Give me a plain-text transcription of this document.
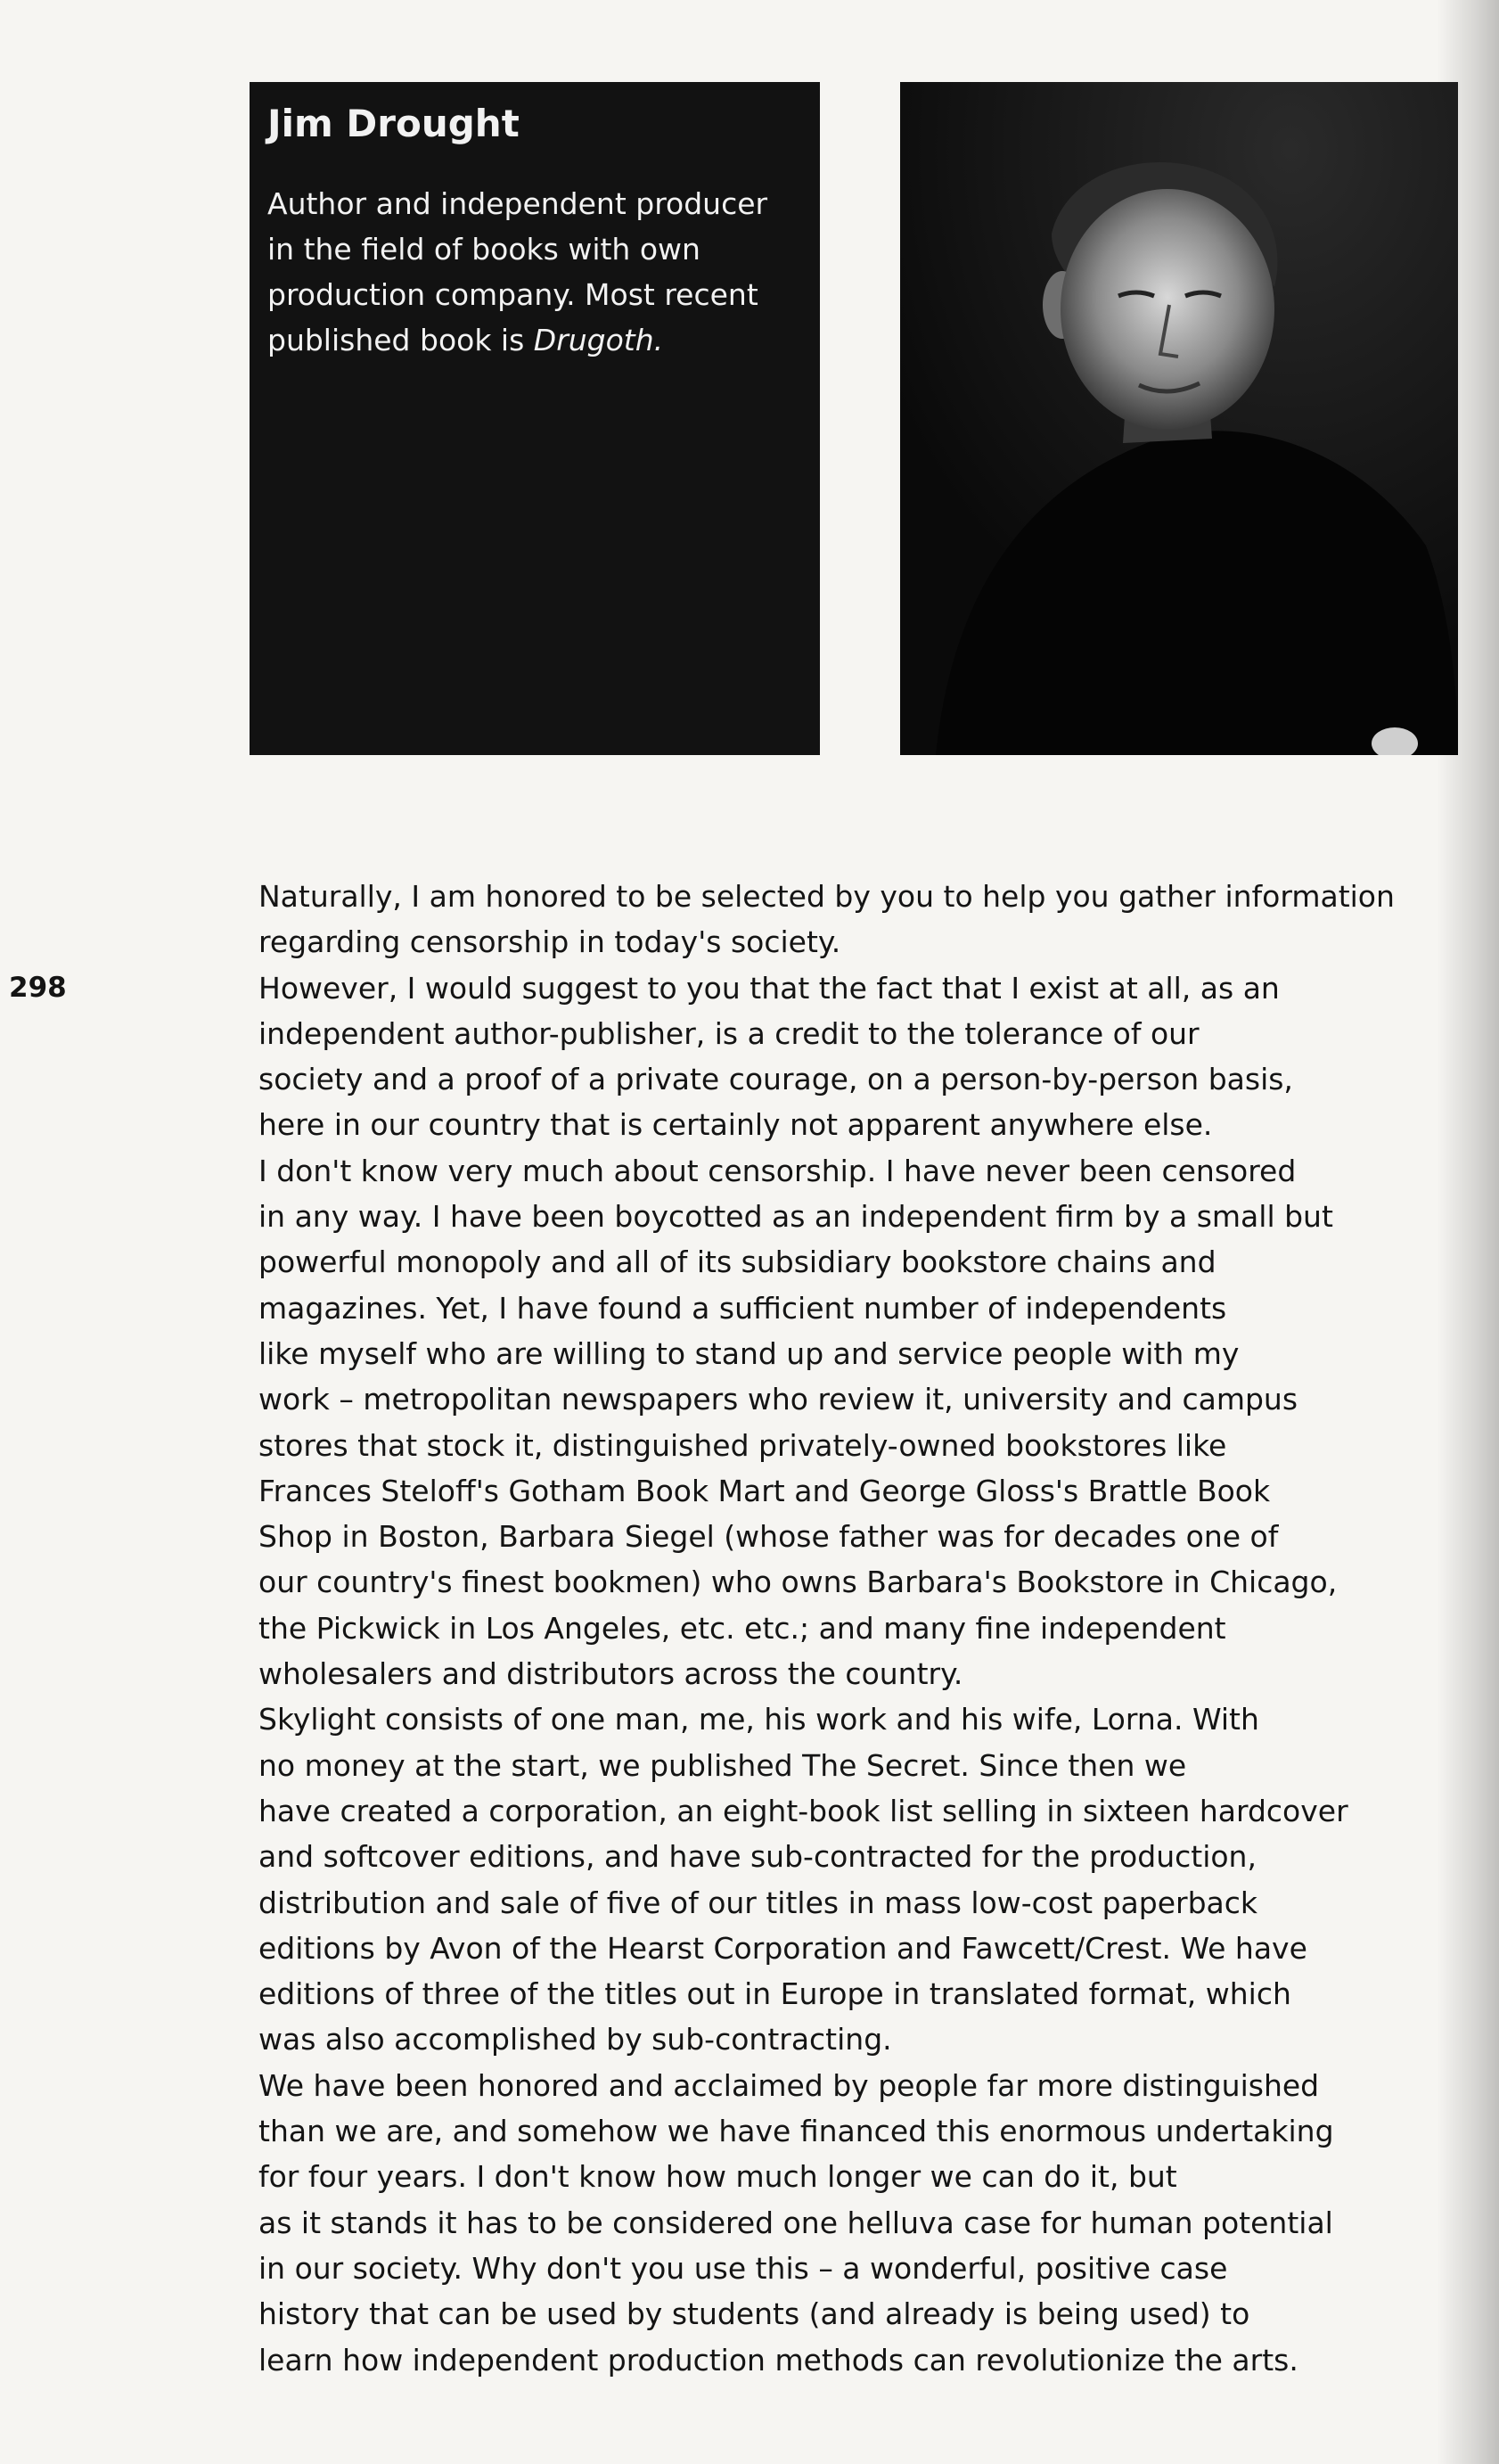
Jim Drought
Author and independent producer
in the field of books with own
production company. Most recent
published book is Drugoth.
298
Naturally, I am honored to be selected by you to help you gather information
regarding censorship in today's society.
However, I would suggest to you that the fact that I exist at all, as an
independent author-publisher, is a credit to the tolerance of our
society and a proof of a private courage, on a person-by-person basis,
here in our country that is certainly not apparent anywhere else.
I don't know very much about censorship. I have never been censored
in any way. I have been boycotted as an independent firm by a small but
powerful monopoly and all of its subsidiary bookstore chains and
magazines. Yet, I have found a sufficient number of independents
like myself who are willing to stand up and service people with my
work – metropolitan newspapers who review it, university and campus
stores that stock it, distinguished privately-owned bookstores like
Frances Steloff's Gotham Book Mart and George Gloss's Brattle Book
Shop in Boston, Barbara Siegel (whose father was for decades one of
our country's finest bookmen) who owns Barbara's Bookstore in Chicago,
the Pickwick in Los Angeles, etc. etc.; and many fine independent
wholesalers and distributors across the country.
Skylight consists of one man, me, his work and his wife, Lorna. With
no money at the start, we published The Secret. Since then we
have created a corporation, an eight-book list selling in sixteen hardcover
and softcover editions, and have sub-contracted for the production,
distribution and sale of five of our titles in mass low-cost paperback
editions by Avon of the Hearst Corporation and Fawcett/Crest. We have
editions of three of the titles out in Europe in translated format, which
was also accomplished by sub-contracting.
We have been honored and acclaimed by people far more distinguished
than we are, and somehow we have financed this enormous undertaking
for four years. I don't know how much longer we can do it, but
as it stands it has to be considered one helluva case for human potential
in our society. Why don't you use this – a wonderful, positive case
history that can be used by students (and already is being used) to
learn how independent production methods can revolutionize the arts.
